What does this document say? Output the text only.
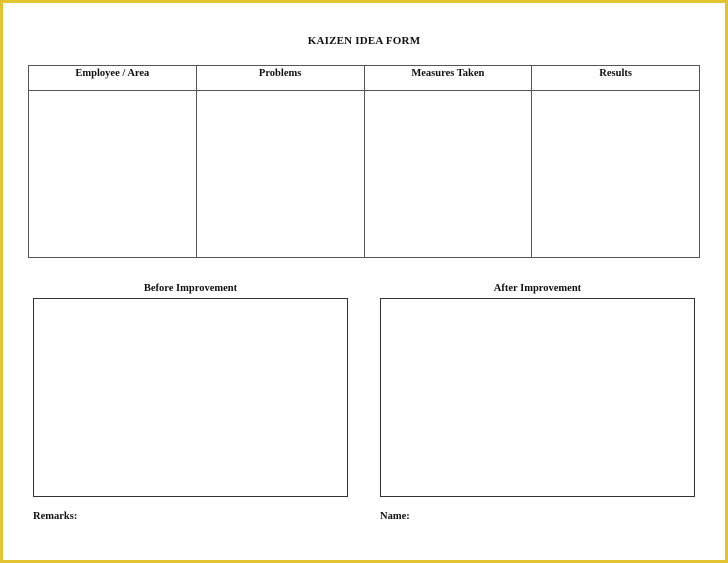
KAIZEN IDEA FORM
Employee / Area	Problems	Measures Taken	Results

Before Improvement	After Improvement
Remarks:	Name:
